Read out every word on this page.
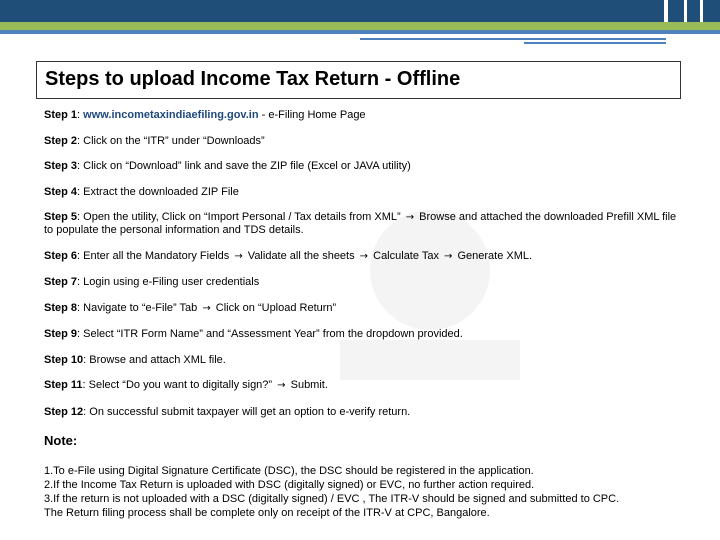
Steps to upload Income Tax Return - Offline
Step 1: www.incometaxindiaefiling.gov.in - e-Filing Home Page
Step 2: Click on the “ITR” under “Downloads”
Step 3: Click on “Download” link and save the ZIP file (Excel or JAVA utility)
Step 4: Extract the downloaded ZIP File
Step 5: Open the utility, Click on “Import Personal / Tax details from XML” → Browse and attached the downloaded Prefill XML file to populate the personal information and TDS details.
Step 6: Enter all the Mandatory Fields → Validate all the sheets → Calculate Tax → Generate XML.
Step 7: Login using e-Filing user credentials
Step 8: Navigate to “e-File” Tab → Click on “Upload Return”
Step 9: Select “ITR Form Name” and “Assessment Year” from the dropdown provided.
Step 10: Browse and attach XML file.
Step 11: Select “Do you want to digitally sign?” → Submit.
Step 12: On successful submit taxpayer will get an option to e-verify return.
Note:
1.To e-File using Digital Signature Certificate (DSC), the DSC should be registered in the application.
2.If the Income Tax Return is uploaded with DSC (digitally signed) or EVC, no further action required.
3.If the return is not uploaded with a DSC (digitally signed) / EVC , The ITR-V should be signed and submitted to CPC.
The Return filing process shall be complete only on receipt of the ITR-V at CPC, Bangalore.
